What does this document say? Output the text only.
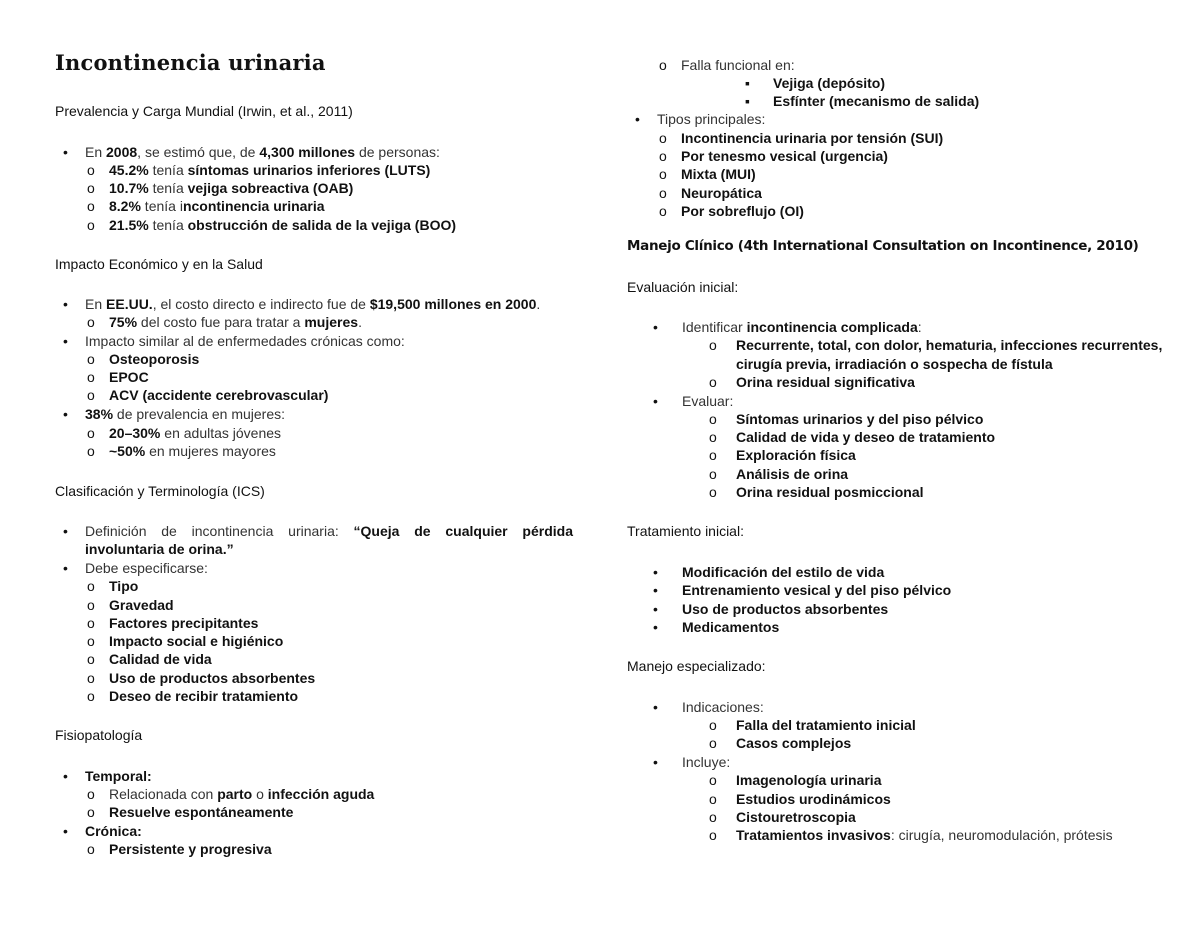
Incontinencia urinaria

Prevalencia y Carga Mundial (Irwin, et al., 2011)

• En 2008, se estimó que, de 4,300 millones de personas:
o 45.2% tenía síntomas urinarios inferiores (LUTS)
o 10.7% tenía vejiga sobreactiva (OAB)
o 8.2% tenía incontinencia urinaria
o 21.5% tenía obstrucción de salida de la vejiga (BOO)

Impacto Económico y en la Salud

• En EE.UU., el costo directo e indirecto fue de $19,500 millones en 2000.
o 75% del costo fue para tratar a mujeres.
• Impacto similar al de enfermedades crónicas como:
o Osteoporosis
o EPOC
o ACV (accidente cerebrovascular)
• 38% de prevalencia en mujeres:
o 20–30% en adultas jóvenes
o ~50% en mujeres mayores

Clasificación y Terminología (ICS)

•	Definición de incontinencia urinaria: “Queja de cualquier pérdida involuntaria de orina.”
• Debe especificarse:
o Tipo
o Gravedad
o Factores precipitantes
o Impacto social e higiénico
o Calidad de vida
o Uso de productos absorbentes
o Deseo de recibir tratamiento

Fisiopatología

• Temporal:
o Relacionada con parto o infección aguda
o Resuelve espontáneamente
• Crónica:
o Persistente y progresiva
o Falla funcional en:
▪ Vejiga (depósito)
▪ Esfínter (mecanismo de salida)
• Tipos principales:
o Incontinencia urinaria por tensión (SUI)
o Por tenesmo vesical (urgencia)
o Mixta (MUI)
o Neuropática
o Por sobreflujo (OI)

Manejo Clínico (4th International Consultation on Incontinence, 2010)

Evaluación inicial:

• Identificar incontinencia complicada:
o Recurrente, total, con dolor, hematuria, infecciones recurrentes,
cirugía previa, irradiación o sospecha de fístula
o Orina residual significativa
• Evaluar:
o Síntomas urinarios y del piso pélvico
o Calidad de vida y deseo de tratamiento
o Exploración física
o Análisis de orina
o Orina residual posmiccional

Tratamiento inicial:

• Modificación del estilo de vida
• Entrenamiento vesical y del piso pélvico
• Uso de productos absorbentes
• Medicamentos

Manejo especializado:

• Indicaciones:
o Falla del tratamiento inicial
o Casos complejos
• Incluye:
o Imagenología urinaria
o Estudios urodinámicos
o Cistouretroscopia
o Tratamientos invasivos: cirugía, neuromodulación, prótesis
